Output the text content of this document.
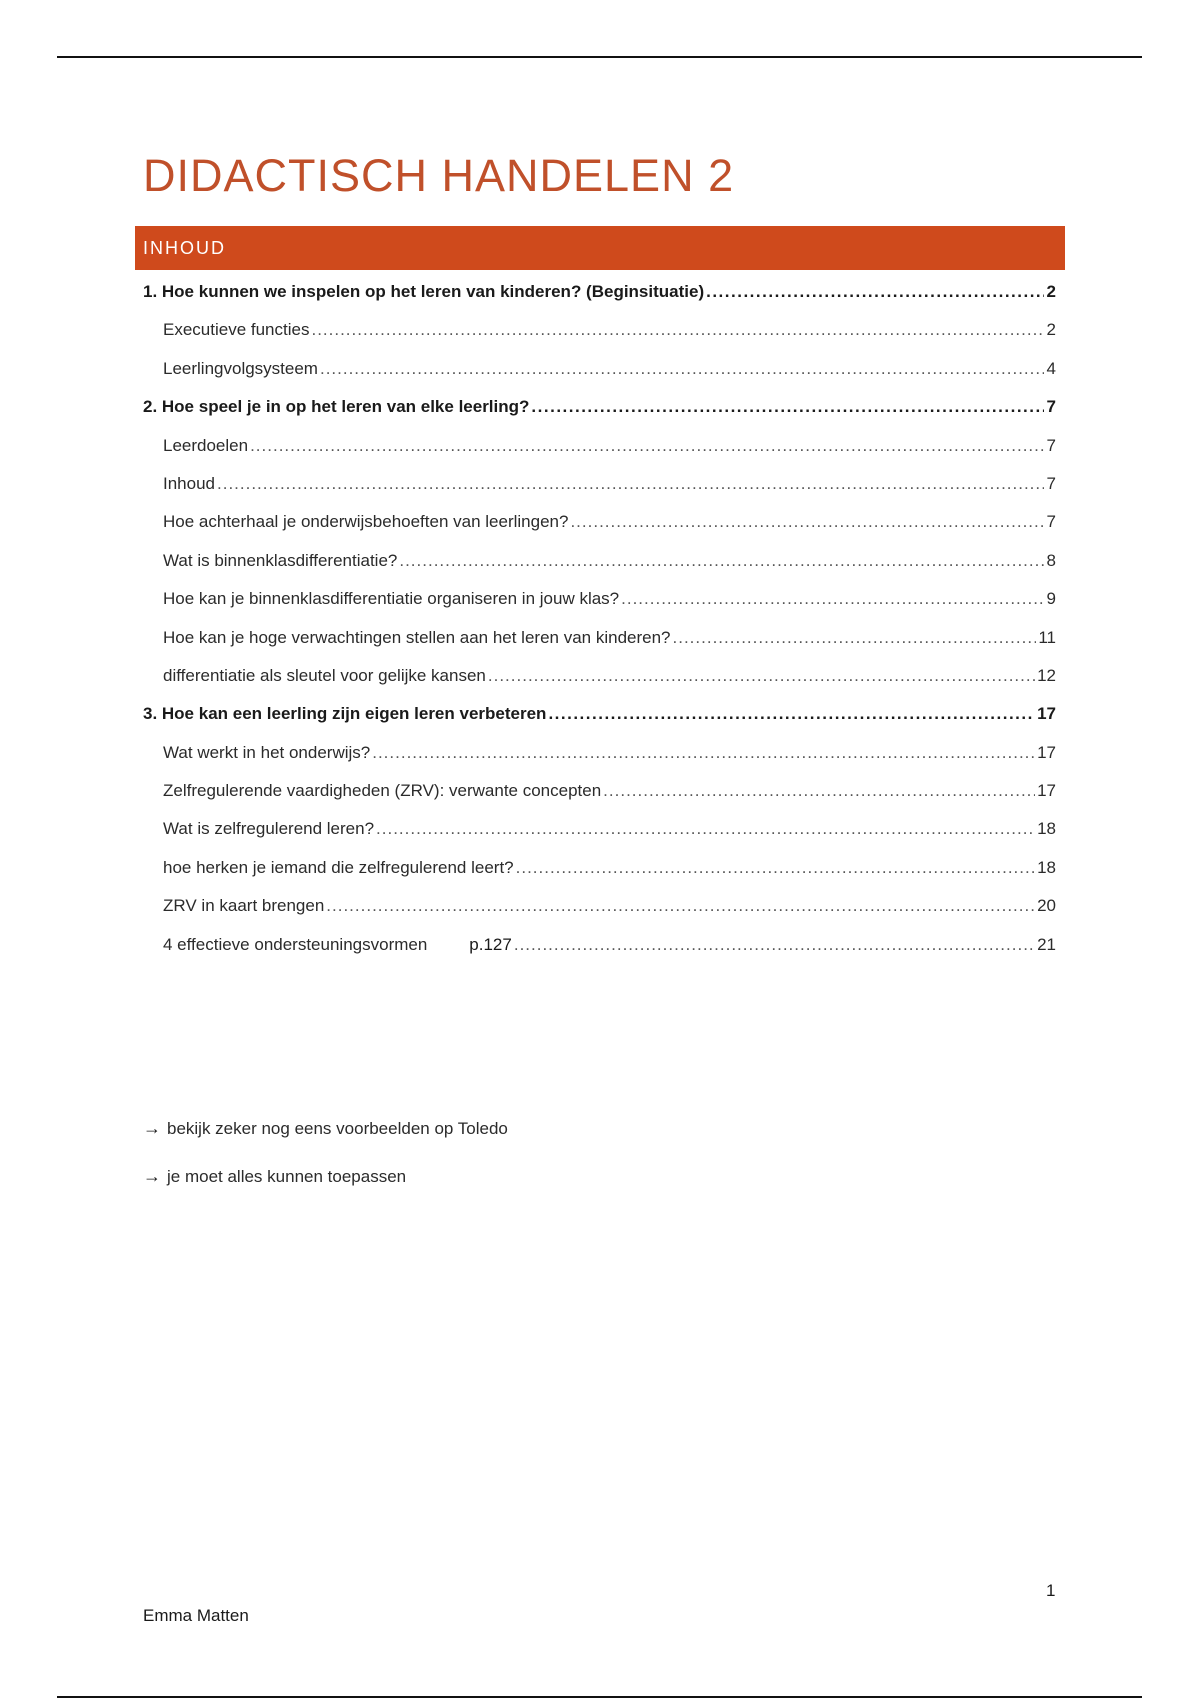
DIDACTISCH HANDELEN 2
INHOUD
1. Hoe kunnen we inspelen op het leren van kinderen? (Beginsituatie) .....	2
Executieve functies .....	2
Leerlingvolgsysteem .....	4
2. Hoe speel je in op het leren van elke leerling? .....	7
Leerdoelen .....	7
Inhoud .....	7
Hoe achterhaal je onderwijsbehoeften van leerlingen? .....	7
Wat is binnenklasdifferentiatie? .....	8
Hoe kan je binnenklasdifferentiatie organiseren in jouw klas? .....	9
Hoe kan je hoge verwachtingen stellen aan het leren van kinderen? .....	11
differentiatie als sleutel voor gelijke kansen .....	12
3. Hoe kan een leerling zijn eigen leren verbeteren .....	17
Wat werkt in het onderwijs? .....	17
Zelfregulerende vaardigheden (ZRV): verwante concepten .....	17
Wat is zelfregulerend leren? .....	18
hoe herken je iemand die zelfregulerend leert? .....	18
ZRV in kaart brengen .....	20
4 effectieve ondersteuningsvormen p.127 .....	21
→ bekijk zeker nog eens voorbeelden op Toledo
→ je moet alles kunnen toepassen
1
Emma Matten
